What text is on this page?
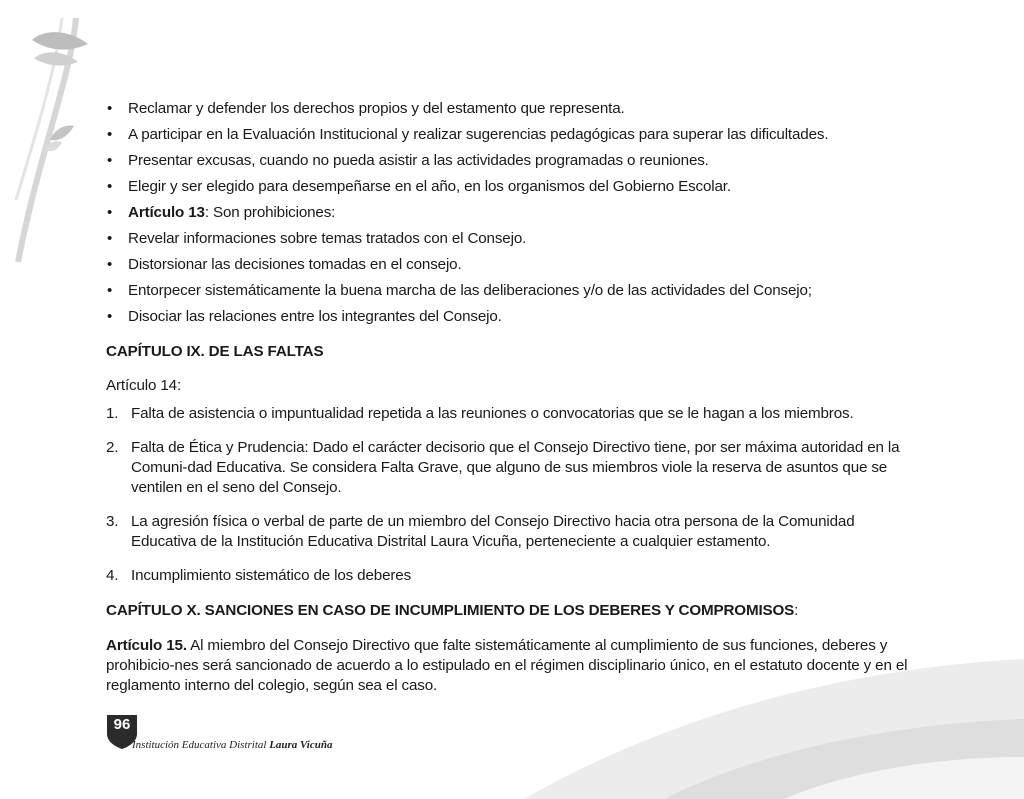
• Reclamar y defender los derechos propios y del estamento que representa.
• A participar en la Evaluación Institucional y realizar sugerencias pedagógicas para superar las dificultades.
• Presentar excusas, cuando no pueda asistir a las actividades programadas o reuniones.
• Elegir y ser elegido para desempeñarse en el año, en los organismos del Gobierno Escolar.
• Artículo 13: Son prohibiciones:
• Revelar informaciones sobre temas tratados con el Consejo.
• Distorsionar las decisiones tomadas en el consejo.
• Entorpecer sistemáticamente la buena marcha de las deliberaciones y/o de las actividades del Consejo;
• Disociar las relaciones entre los integrantes del Consejo.
CAPÍTULO IX. DE LAS FALTAS
Artículo 14:
1. Falta de asistencia o impuntualidad repetida a las reuniones o convocatorias que se le hagan a los miembros.
2. Falta de Ética y Prudencia: Dado el carácter decisorio que el Consejo Directivo tiene, por ser máxima autoridad en la Comuni-dad Educativa. Se considera Falta Grave, que alguno de sus miembros viole la reserva de asuntos que se ventilen en el seno del Consejo.
3. La agresión física o verbal de parte de un miembro del Consejo Directivo hacia otra persona de la Comunidad Educativa de la Institución Educativa Distrital Laura Vicuña, perteneciente a cualquier estamento.
4. Incumplimiento sistemático de los deberes
CAPÍTULO X. SANCIONES EN CASO DE INCUMPLIMIENTO DE LOS DEBERES Y COMPROMISOS:
Artículo 15. Al miembro del Consejo Directivo que falte sistemáticamente al cumplimiento de sus funciones, deberes y prohibicio-nes será sancionado de acuerdo a lo estipulado en el régimen disciplinario único, en el estatuto docente y en el reglamento interno del colegio, según sea el caso.
96
Institución Educativa Distrital Laura Vicuña
